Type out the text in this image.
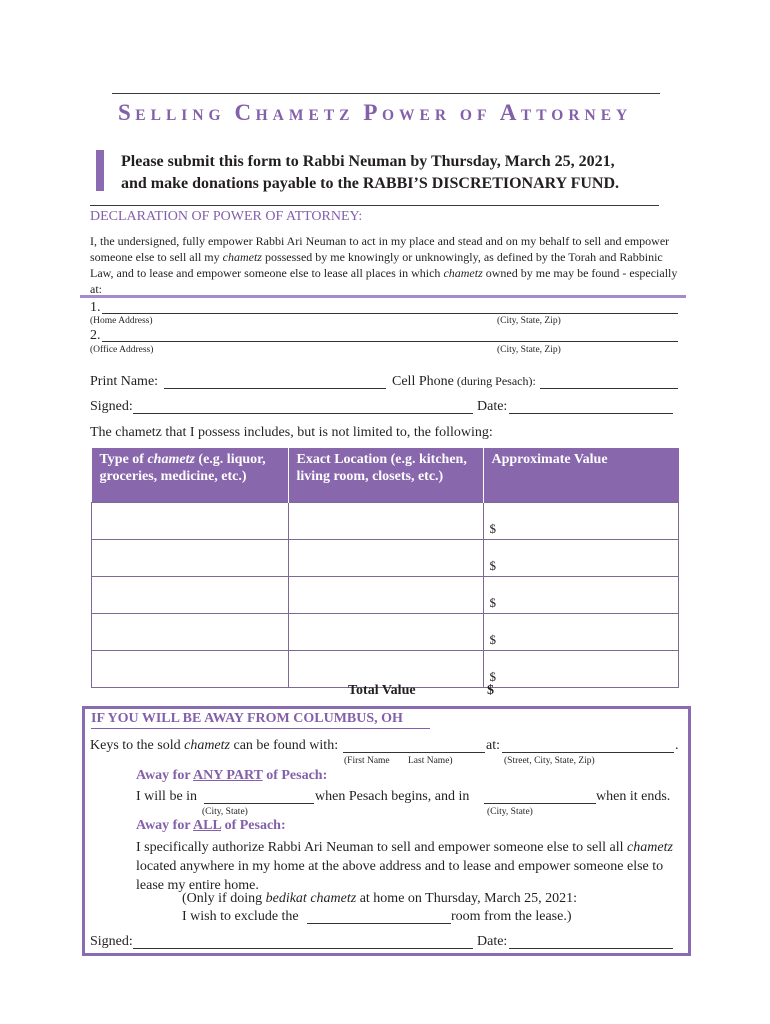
SELLING CHAMETZ POWER OF ATTORNEY
Please submit this form to Rabbi Neuman by Thursday, March 25, 2021,
and make donations payable to the RABBI’S DISCRETIONARY FUND.
DECLARATION OF POWER OF ATTORNEY:
I, the undersigned, fully empower Rabbi Ari Neuman to act in my place and stead and on my behalf to sell and empower someone else to sell all my chametz possessed by me knowingly or unknowingly, as defined by the Torah and Rabbinic Law, and to lease and empower someone else to lease all places in which chametz owned by me may be found - especially at:
1.
(Home Address)	(City, State, Zip)
2.
(Office Address)	(City, State, Zip)
Print Name:	Cell Phone (during Pesach):
Signed:	Date:
The chametz that I possess includes, but is not limited to, the following:
Type of chametz (e.g. liquor, groceries, medicine, etc.)	Exact Location (e.g. kitchen, living room, closets, etc.)	Approximate Value
		$
		$
		$
		$
		$
Total Value	$
IF YOU WILL BE AWAY FROM COLUMBUS, OH
Keys to the sold chametz can be found with:	at:	.
(First Name Last Name)	(Street, City, State, Zip)
Away for ANY PART of Pesach:
I will be in	when Pesach begins, and in	when it ends.
(City, State)	(City, State)
Away for ALL of Pesach:
I specifically authorize Rabbi Ari Neuman to sell and empower someone else to sell all chametz located anywhere in my home at the above address and to lease and empower someone else to lease my entire home.
(Only if doing bedikat chametz at home on Thursday, March 25, 2021:
I wish to exclude the	room from the lease.)
Signed:	Date:
